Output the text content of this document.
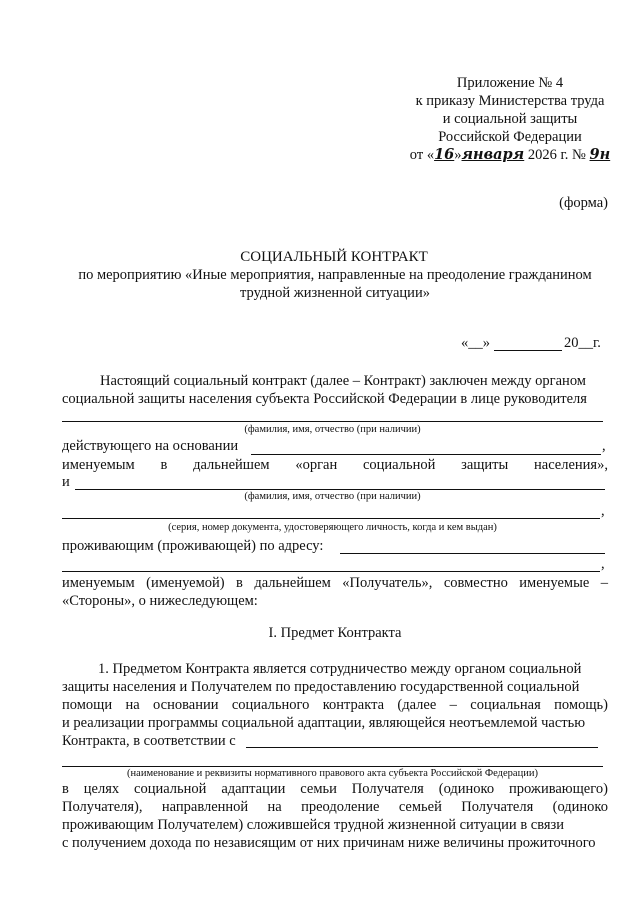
Приложение № 4
к приказу Министерства труда
и социальной защиты
Российской Федерации
от «16»января 2026 г. № 9н
(форма)
СОЦИАЛЬНЫЙ КОНТРАКТ
по мероприятию «Иные мероприятия, направленные на преодоление гражданином
трудной жизненной ситуации»
«__»	20__г.
Настоящий социальный контракт (далее – Контракт) заключен между органом
социальной защиты населения субъекта Российской Федерации в лице руководителя
(фамилия, имя, отчество (при наличии)
действующего на основании	,
именуемым в дальнейшем «орган социальной защиты населения»,
и
(фамилия, имя, отчество (при наличии)
,
(серия, номер документа, удостоверяющего личность, когда и кем выдан)
проживающим (проживающей) по адресу:
,
именуемым (именуемой) в дальнейшем «Получатель», совместно именуемые –
«Стороны», о нижеследующем:
I. Предмет Контракта
1. Предметом Контракта является сотрудничество между органом социальной
защиты населения и Получателем по предоставлению государственной социальной
помощи на основании социального контракта (далее – социальная помощь)
и реализации программы социальной адаптации, являющейся неотъемлемой частью
Контракта, в соответствии с
(наименование и реквизиты нормативного правового акта субъекта Российской Федерации)
в целях социальной адаптации семьи Получателя (одиноко проживающего)
Получателя), направленной на преодоление семьей Получателя (одиноко
проживающим Получателем) сложившейся трудной жизненной ситуации в связи
с получением дохода по независящим от них причинам ниже величины прожиточного
